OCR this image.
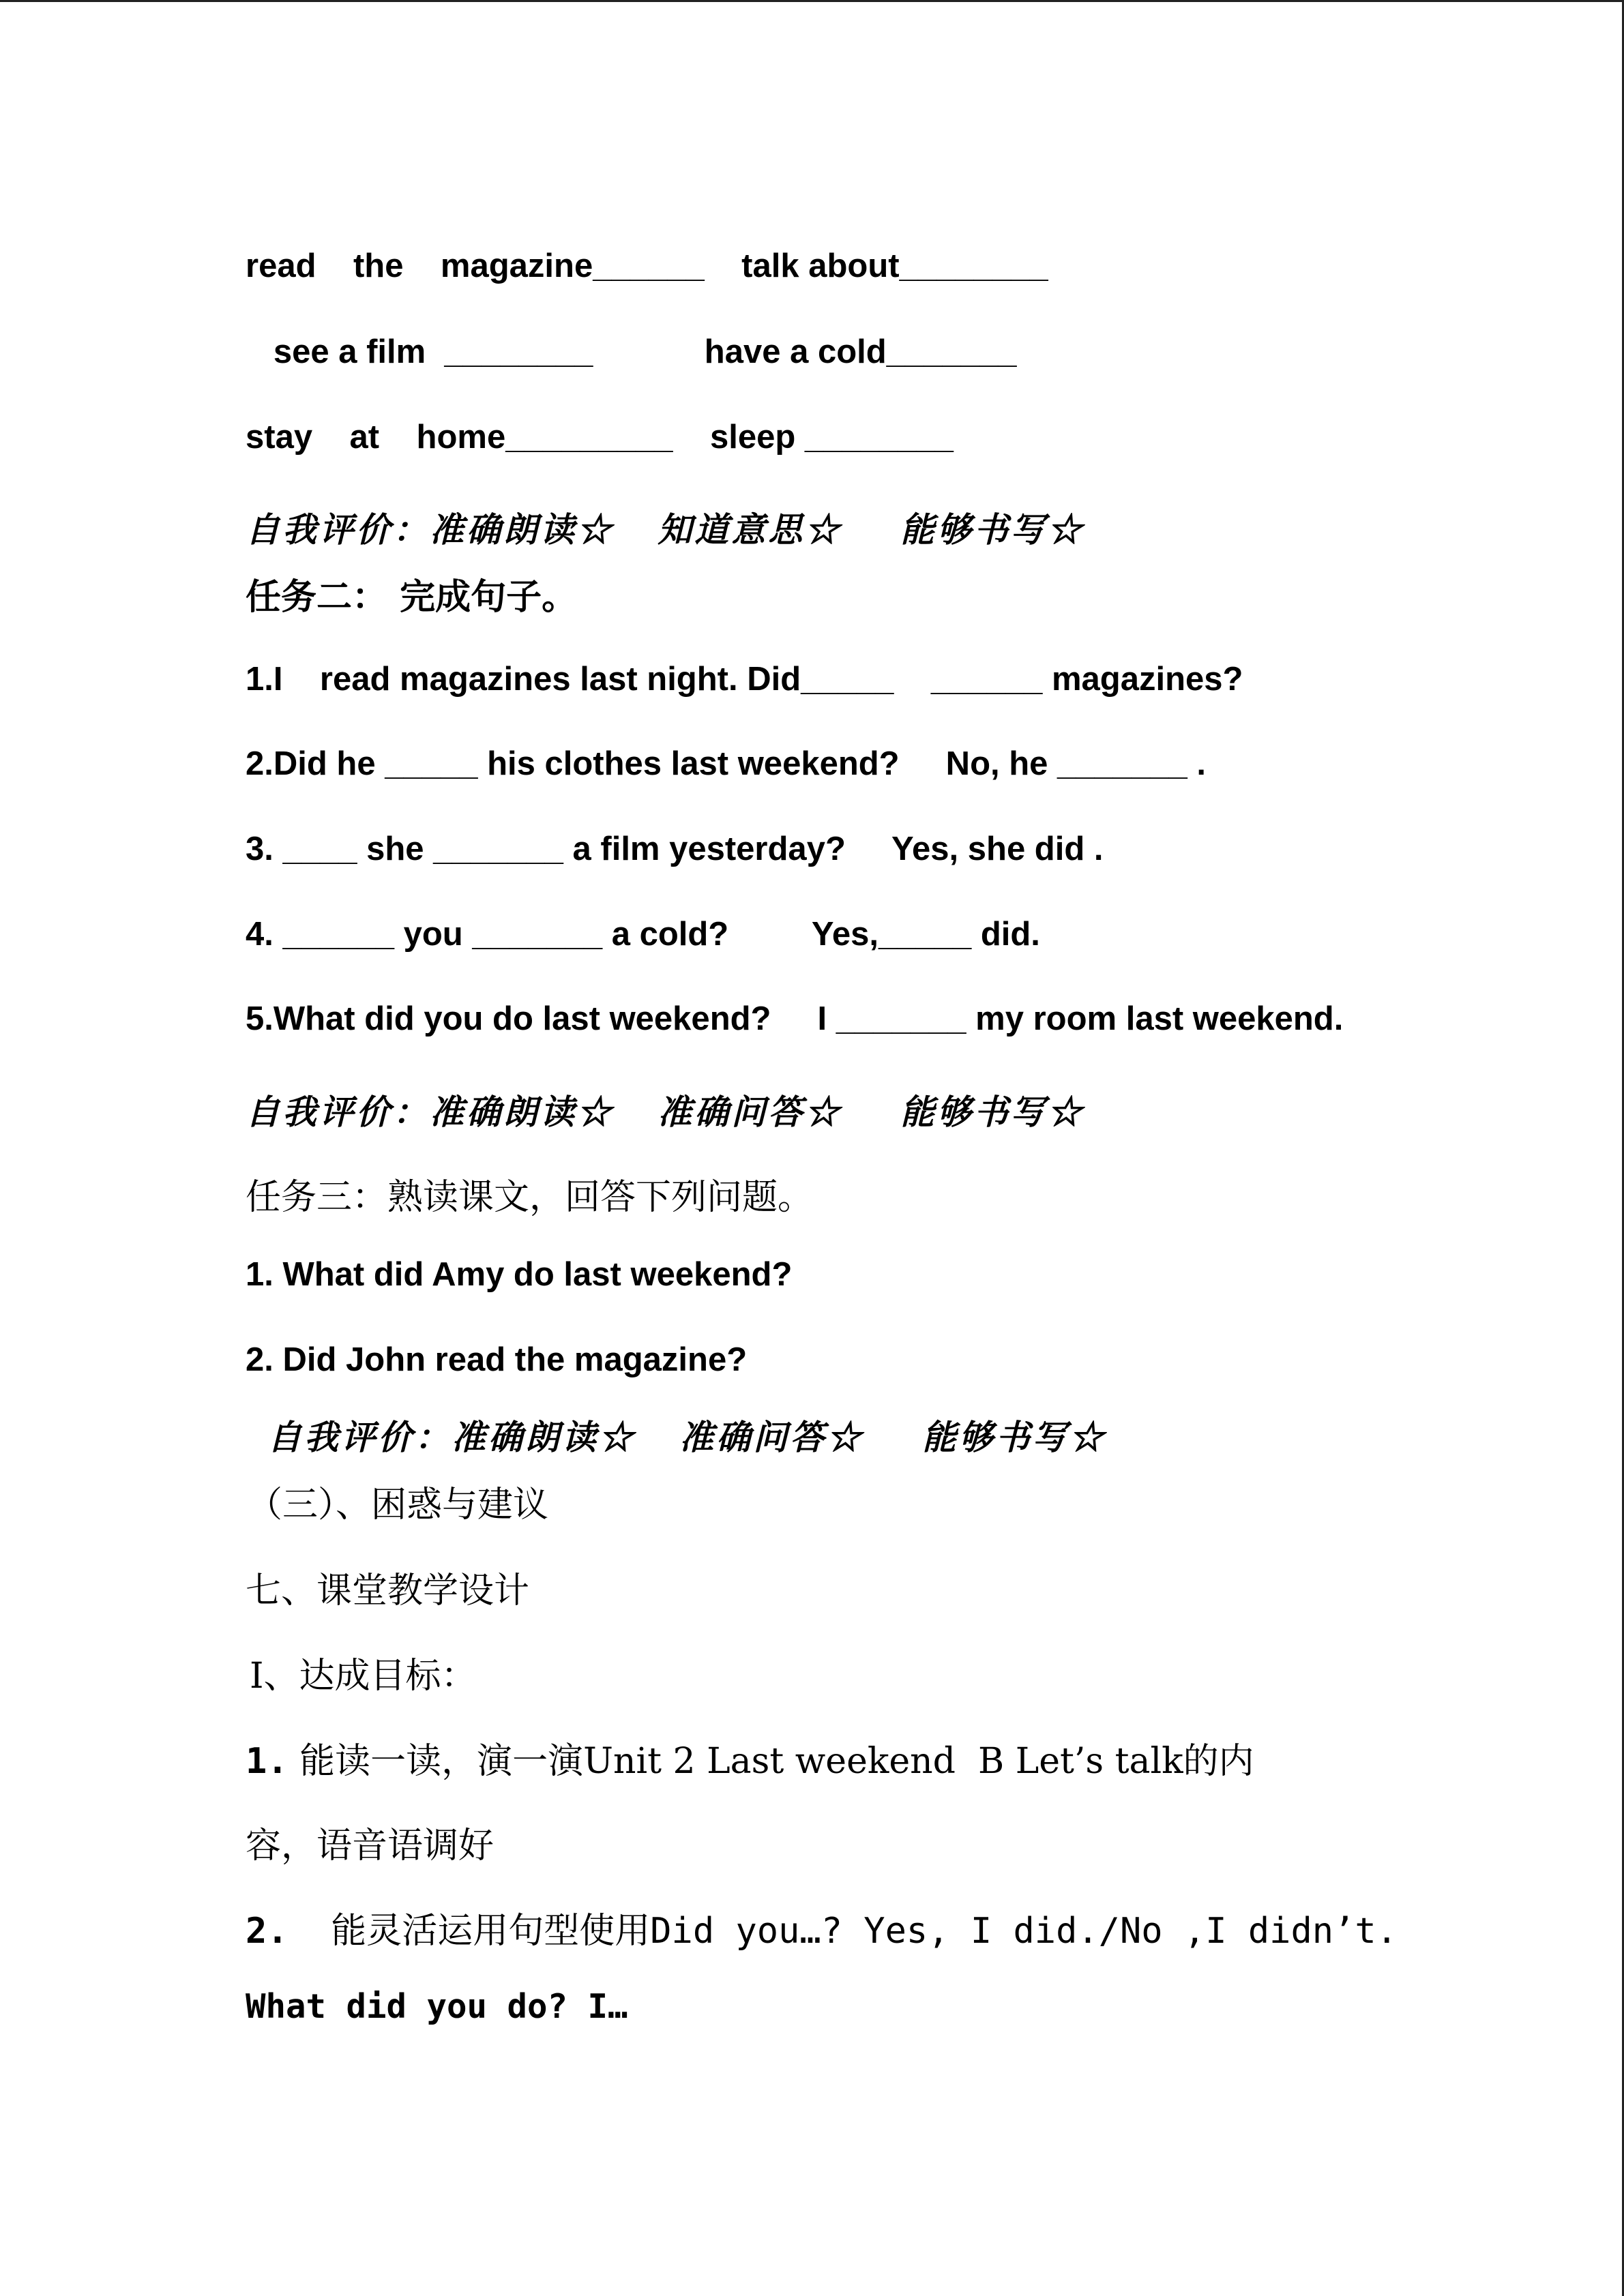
read    the    magazine______    talk about________
see a film  ________            have a cold_______
stay    at    home_________    sleep ________
自我评价：准确朗读☆   知道意思☆    能够书写☆
任务二： 完成句子。
1.I    read magazines last night. Did_____    ______ magazines?
2.Did he _____ his clothes last weekend?     No, he _______ .
3. ____ she _______ a film yesterday?     Yes, she did .
4. ______ you _______ a cold?         Yes,_____ did.
5.What did you do last weekend?     I _______ my room last weekend.
自我评价：准确朗读☆   准确问答☆    能够书写☆
任务三：熟读课文，回答下列问题。
1. What did Amy do last weekend?
2. Did John read the magazine?
自我评价：准确朗读☆   准确问答☆    能够书写☆
（三）、困惑与建议
七、课堂教学设计
Ⅰ、达成目标：
1. 能读一读，演一演Unit 2 Last weekend  B Let’s talk的内
容，语音语调好
2.  能灵活运用句型使用Did you…? Yes, I did./No ,I didn’t.
What did you do? I…
